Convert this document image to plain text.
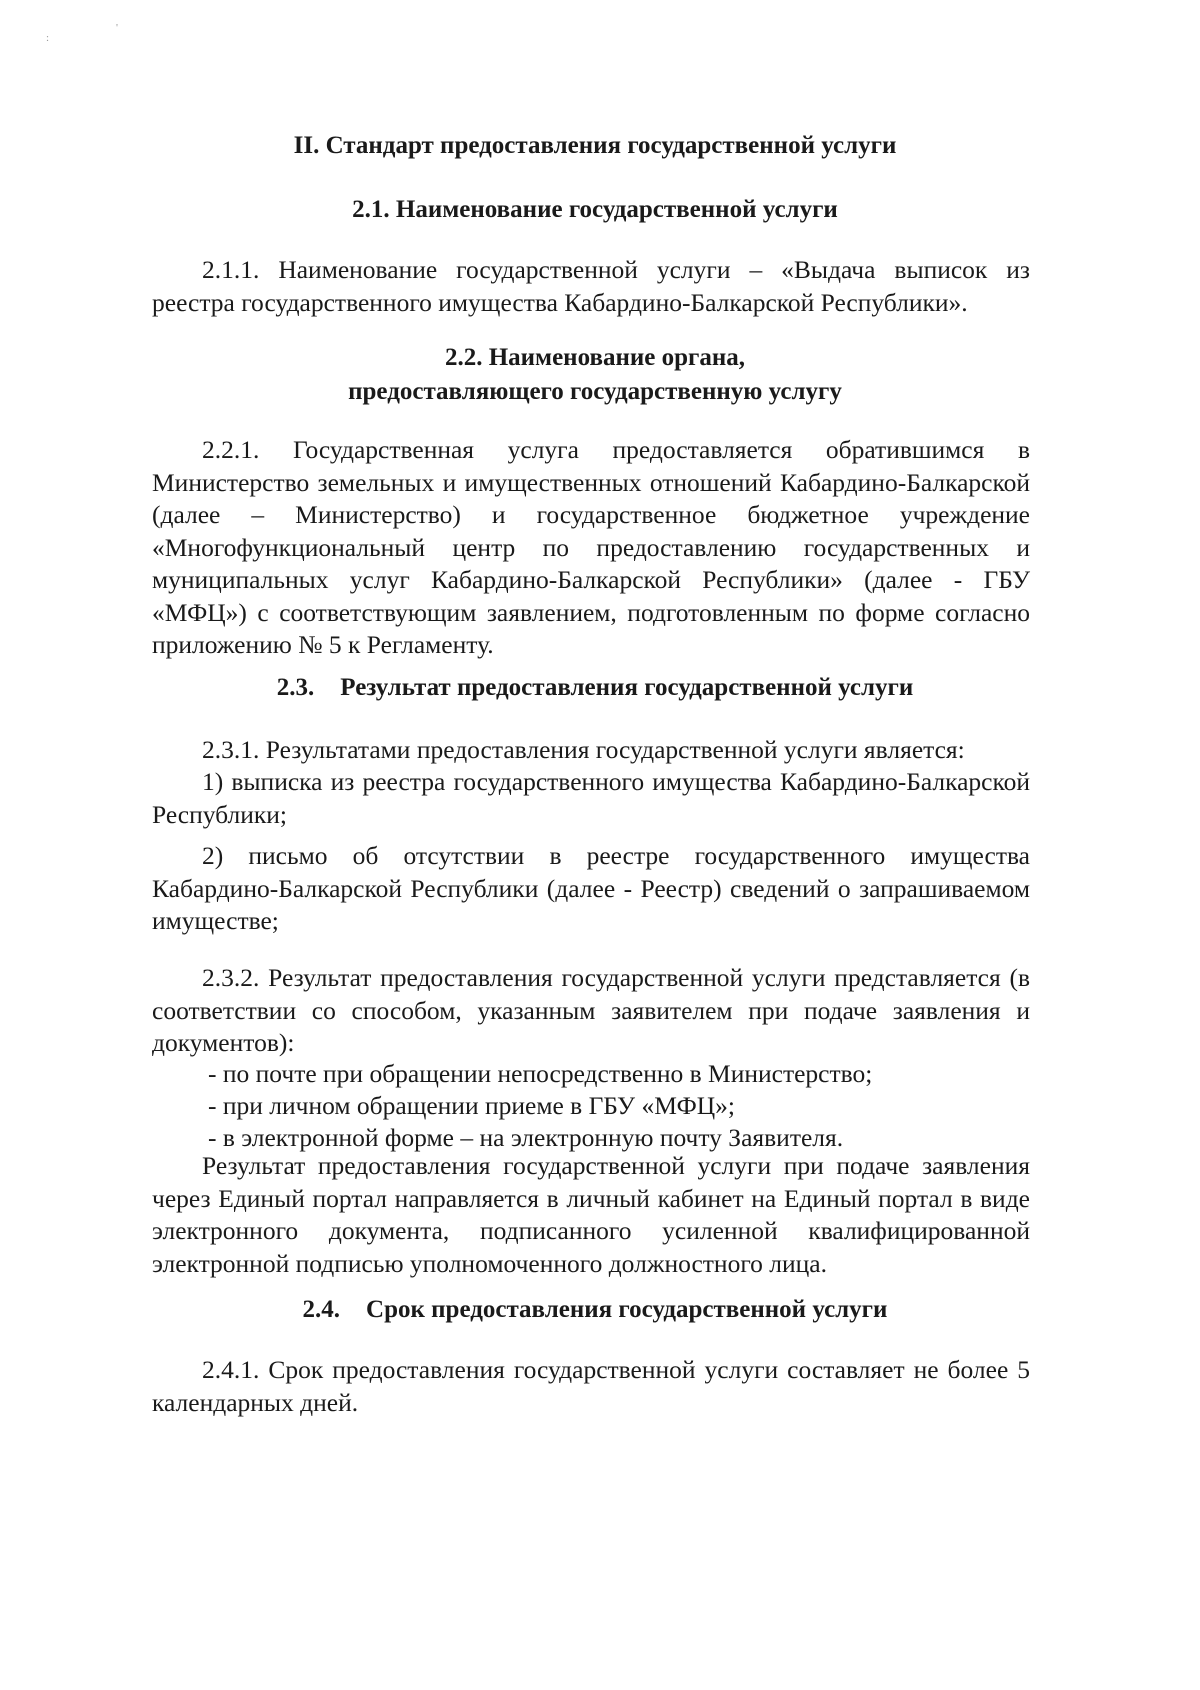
:
'
II. Стандарт предоставления государственной услуги
2.1. Наименование государственной услуги

2.1.1. Наименование государственной услуги – «Выдача выписок из реестра государственного имущества Кабардино-Балкарской Республики».

2.2. Наименование органа,
предоставляющего государственную услугу

2.2.1. Государственная услуга предоставляется обратившимся в Министерство земельных и имущественных отношений Кабардино-Балкарской (далее – Министерство) и государственное бюджетное учреждение «Многофункциональный центр по предоставлению государственных и муниципальных услуг Кабардино-Балкарской Республики» (далее - ГБУ «МФЦ») с соответствующим заявлением, подготовленным по форме согласно приложению № 5 к Регламенту.

2.3. Результат предоставления государственной услуги
2.3.1. Результатами предоставления государственной услуги является:

1) выписка из реестра государственного имущества Кабардино-Балкарской Республики;

2) письмо об отсутствии в реестре государственного имущества Кабардино-Балкарской Республики (далее - Реестр) сведений о запрашиваемом имуществе;

2.3.2. Результат предоставления государственной услуги представляется (в соответствии со способом, указанным заявителем при подаче заявления и документов):

- по почте при обращении непосредственно в Министерство;
- при личном обращении приеме в ГБУ «МФЦ»;
- в электронной форме – на электронную почту Заявителя.

Результат предоставления государственной услуги при подаче заявления через Единый портал направляется в личный кабинет на Единый портал в виде электронного документа, подписанного усиленной квалифицированной электронной подписью уполномоченного должностного лица.

2.4. Срок предоставления государственной услуги

2.4.1. Срок предоставления государственной услуги составляет не более 5 календарных дней.
